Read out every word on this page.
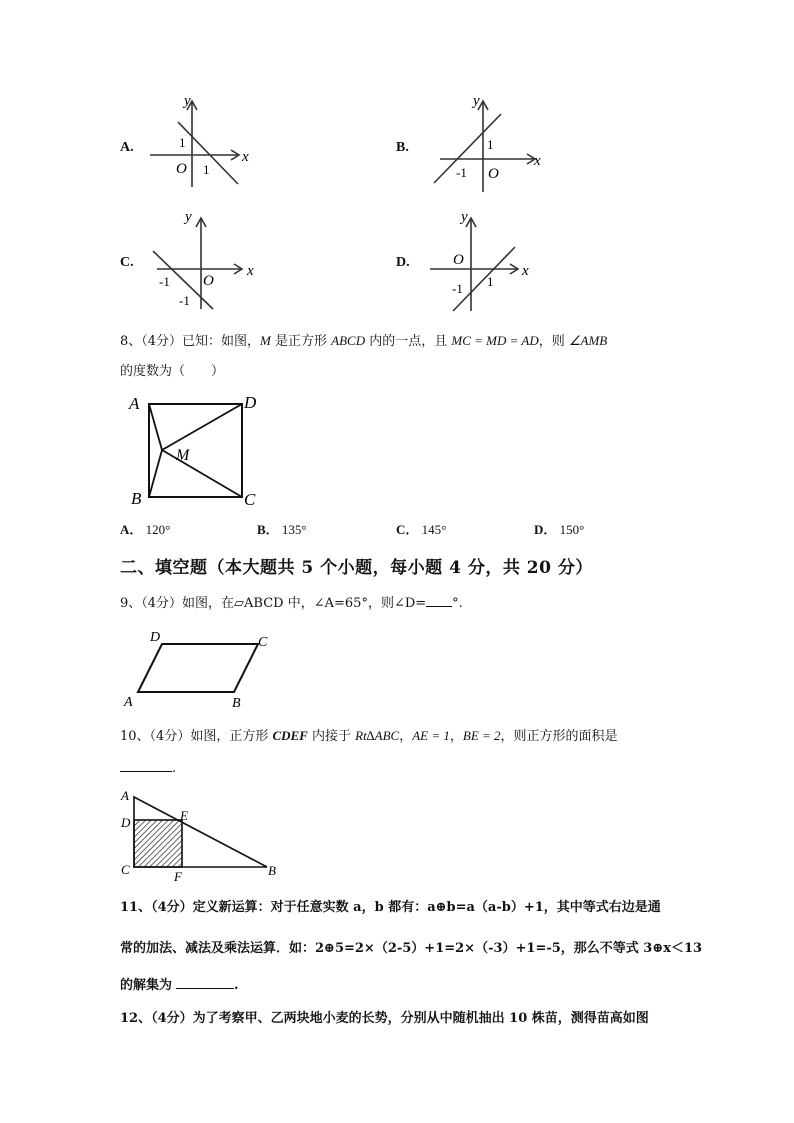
A.
y
x
1
O 1
B.
y
x
1
-1 O
C.
y
x
-1 O
-1
D.
y
x
O
-1 1
8、（4分）已知：如图，M 是正方形 ABCD 内的一点，且 MC = MD = AD，则 ∠AMB
的度数为（　　）
A	D
B	C
M
A． 120°	B． 135°	C． 145°	D． 150°
二、填空题（本大题共 5 个小题，每小题 4 分，共 20 分）
9、（4分）如图，在▱ABCD 中，∠A=65°，则∠D= °.
D	C
A	B
10、（4分）如图，正方形 CDEF 内接于 Rt∆ABC，AE = 1，BE = 2，则正方形的面积是
.
A
D	E
C	F	B
11、（4分）定义新运算：对于任意实数 a，b 都有：a⊕b=a（a-b）+1，其中等式右边是通
常的加法、减法及乘法运算．如：2⊕5=2×（2-5）+1=2×（-3）+1=-5，那么不等式 3⊕x＜13
的解集为	.
12、（4分）为了考察甲、乙两块地小麦的长势，分别从中随机抽出 10 株苗，测得苗高如图
